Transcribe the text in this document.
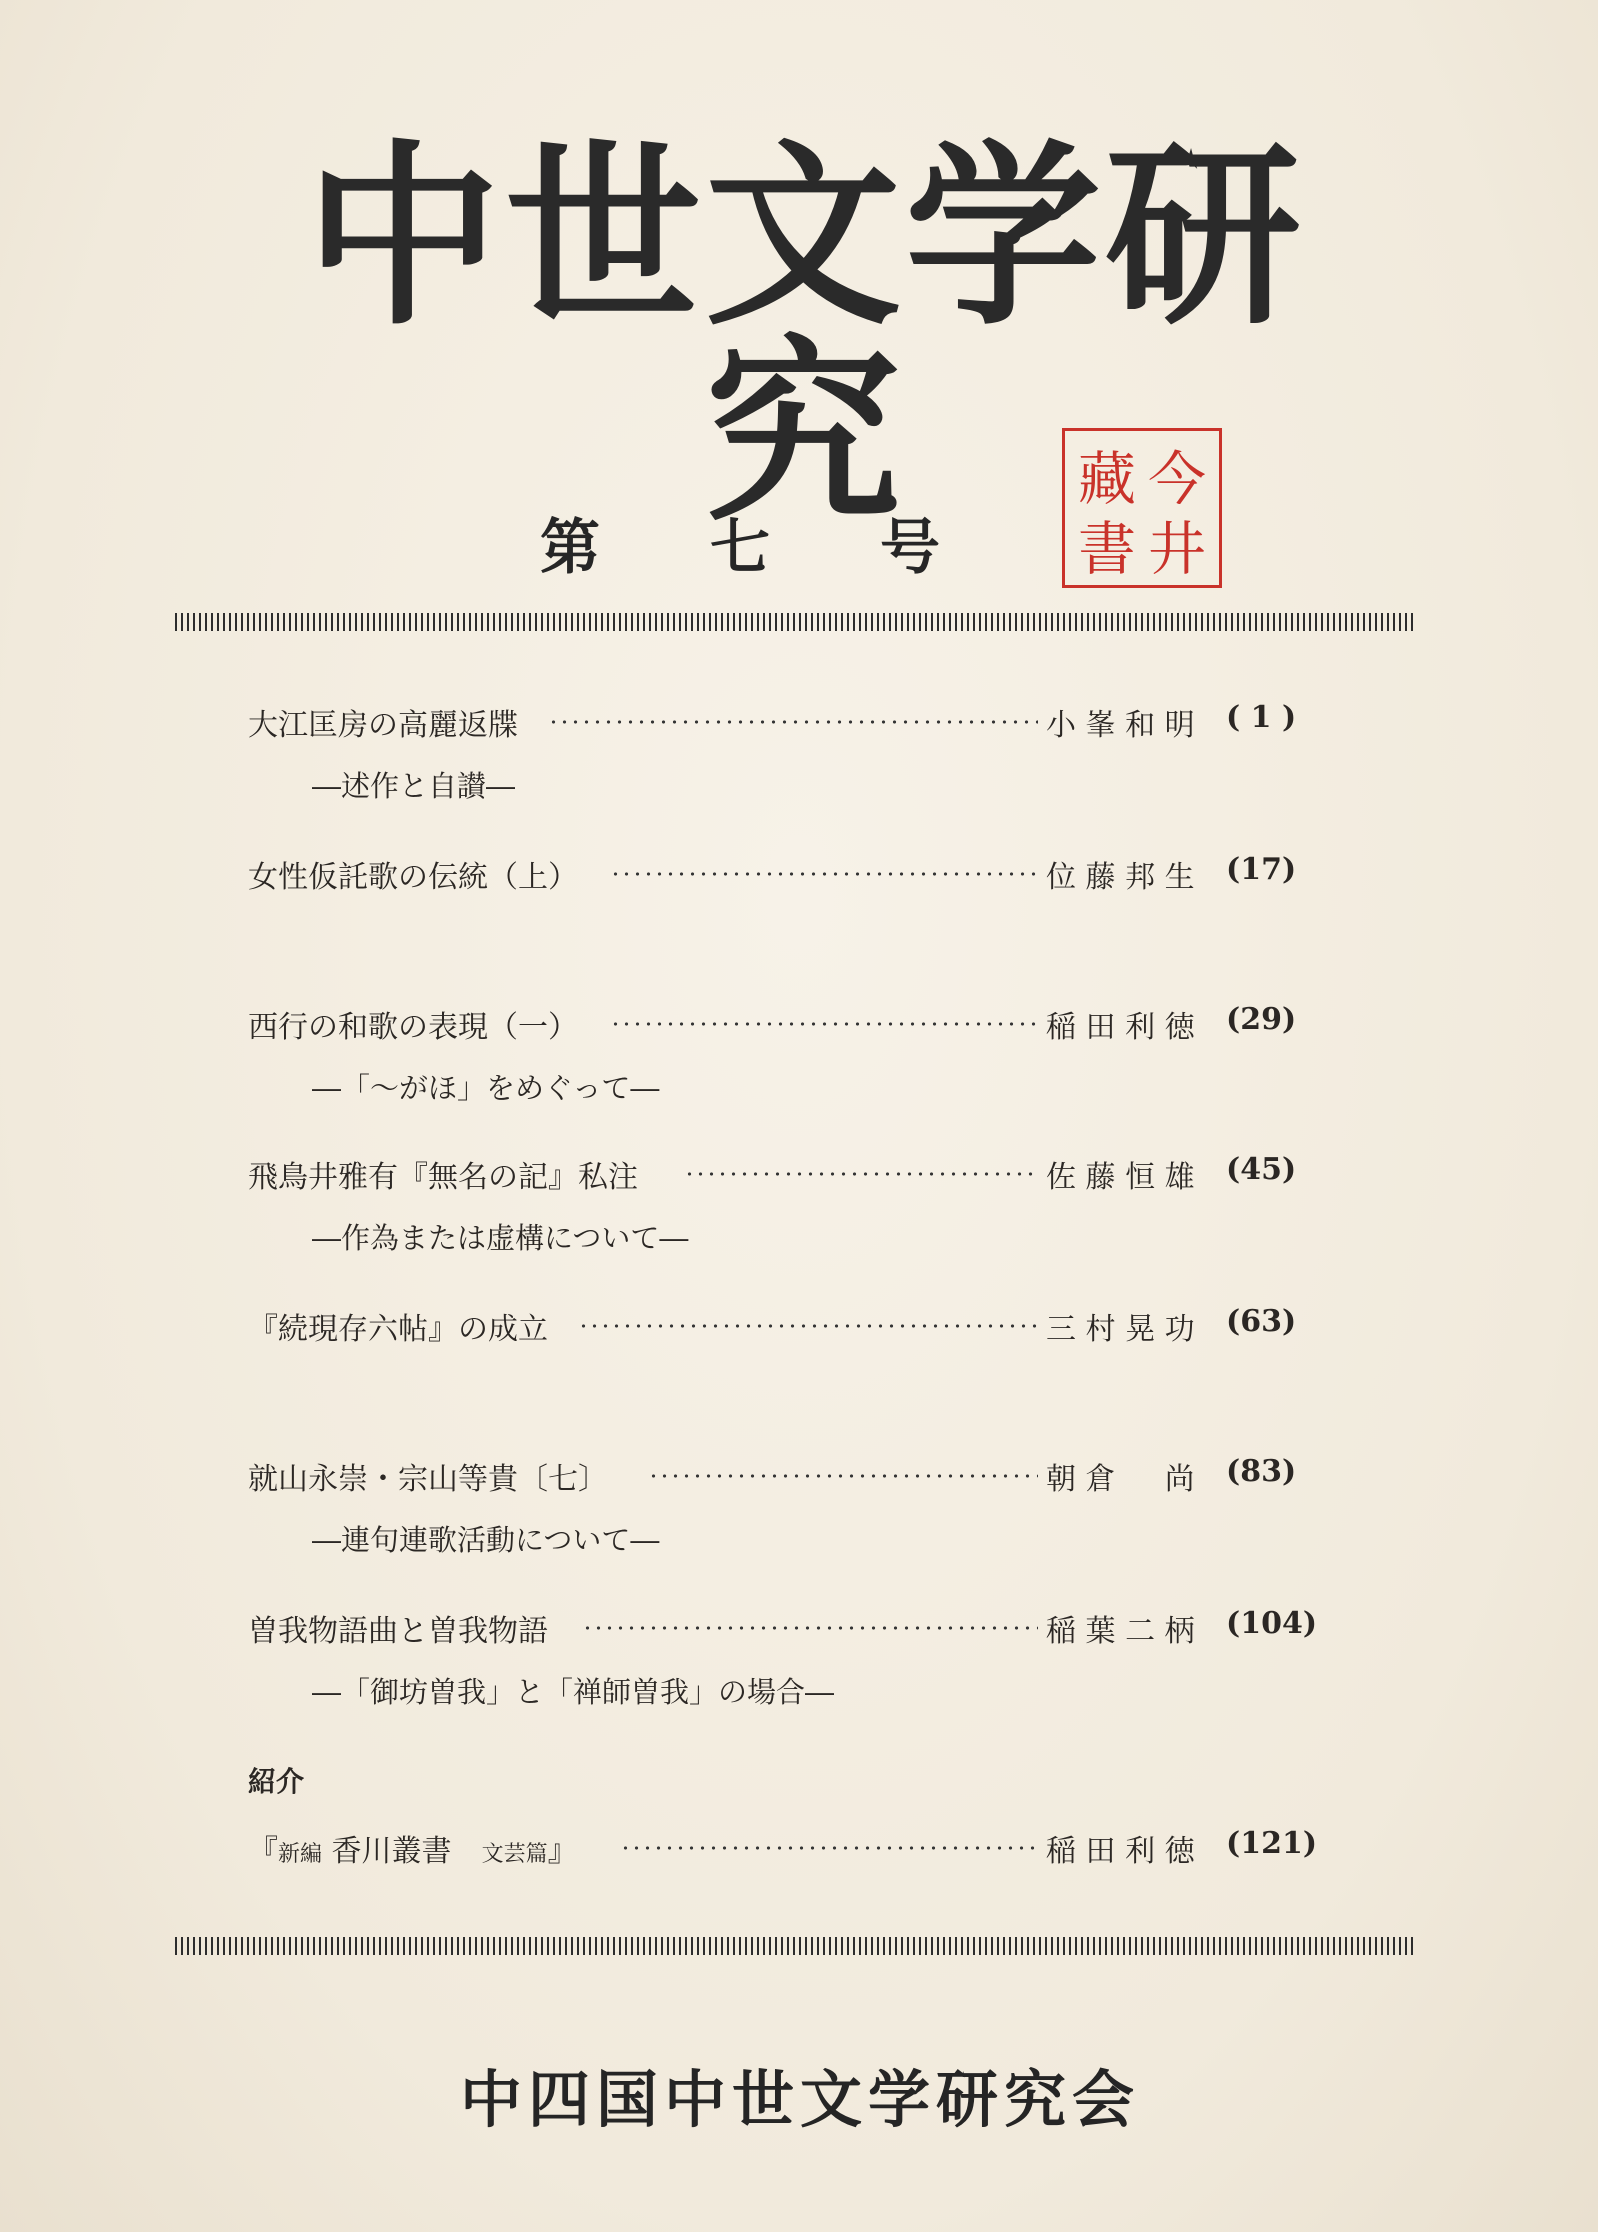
中世文学研究
第七号
今
井
藏
書
大江匡房の高麗返牒	小 峯 和 明	( 1 )
―述作と自讃―
女性仮託歌の伝統（上）	位 藤 邦 生	(17)
西行の和歌の表現（一）	稲 田 利 徳	(29)
―「～がほ」をめぐって―
飛鳥井雅有『無名の記』私注	佐 藤 恒 雄	(45)
―作為または虚構について―
『続現存六帖』の成立	三 村 晃 功	(63)
就山永崇・宗山等貴〔七〕	朝 倉 　 尚	(83)
―連句連歌活動について―
曽我物語曲と曽我物語	稲 葉 二 柄	(104)
―「御坊曽我」と「禅師曽我」の場合―
紹介
『新編 香川叢書　文芸篇』	稲 田 利 徳	(121)
中四国中世文学研究会
